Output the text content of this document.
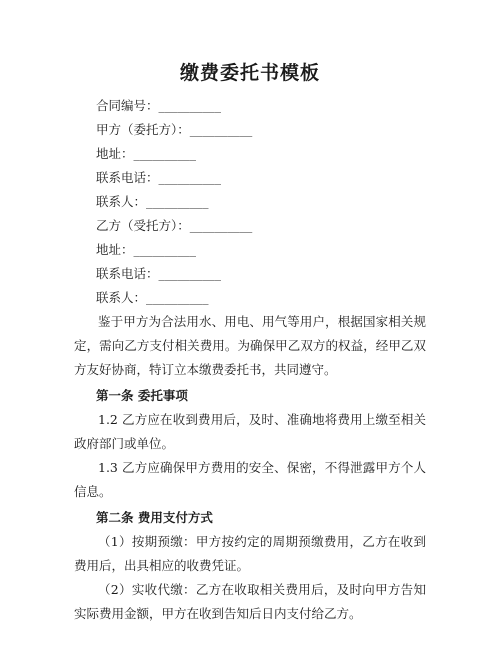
缴费委托书模板
合同编号：__________
甲方（委托方）：__________
地址：__________
联系电话：__________
联系人：__________
乙方（受托方）：__________
地址：__________
联系电话：__________
联系人：__________
鉴于甲方为合法用水、用电、用气等用户，根据国家相关规定，需向乙方支付相关费用。为确保甲乙双方的权益，经甲乙双方友好协商，特订立本缴费委托书，共同遵守。
第一条 委托事项
1.2 乙方应在收到费用后，及时、准确地将费用上缴至相关政府部门或单位。
1.3 乙方应确保甲方费用的安全、保密，不得泄露甲方个人信息。
第二条 费用支付方式
（1）按期预缴：甲方按约定的周期预缴费用，乙方在收到费用后，出具相应的收费凭证。
（2）实收代缴：乙方在收取相关费用后，及时向甲方告知实际费用金额，甲方在收到告知后日内支付给乙方。
